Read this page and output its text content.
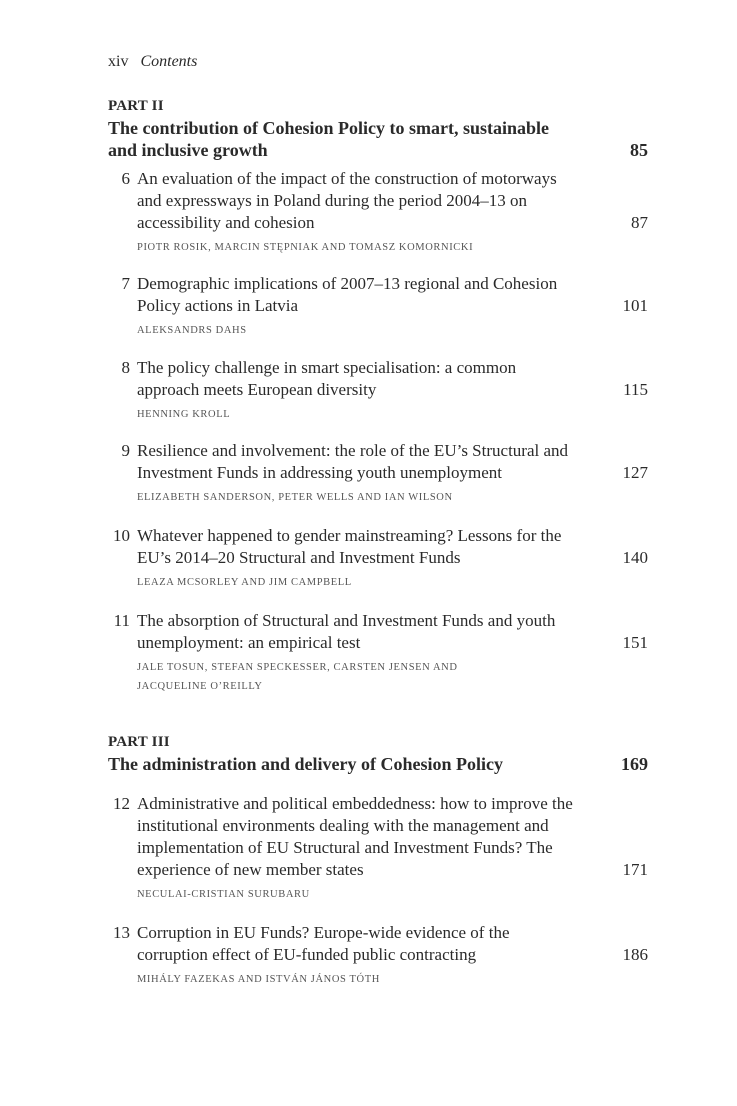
xiv Contents
PART II
The contribution of Cohesion Policy to smart, sustainable and inclusive growth	85
6 An evaluation of the impact of the construction of motorways and expressways in Poland during the period 2004–13 on accessibility and cohesion	87
PIOTR ROSIK, MARCIN STĘPNIAK AND TOMASZ KOMORNICKI
7 Demographic implications of 2007–13 regional and Cohesion Policy actions in Latvia	101
ALEKSANDRS DAHS
8 The policy challenge in smart specialisation: a common approach meets European diversity	115
HENNING KROLL
9 Resilience and involvement: the role of the EU’s Structural and Investment Funds in addressing youth unemployment	127
ELIZABETH SANDERSON, PETER WELLS AND IAN WILSON
10 Whatever happened to gender mainstreaming? Lessons for the EU’s 2014–20 Structural and Investment Funds	140
LEAZA MCSORLEY AND JIM CAMPBELL
11 The absorption of Structural and Investment Funds and youth unemployment: an empirical test	151
JALE TOSUN, STEFAN SPECKESSER, CARSTEN JENSEN AND JACQUELINE O’REILLY
PART III
The administration and delivery of Cohesion Policy	169
12 Administrative and political embeddedness: how to improve the institutional environments dealing with the management and implementation of EU Structural and Investment Funds? The experience of new member states	171
NECULAI-CRISTIAN SURUBARU
13 Corruption in EU Funds? Europe-wide evidence of the corruption effect of EU-funded public contracting	186
MIHÁLY FAZEKAS AND ISTVÁN JÁNOS TÓTH
